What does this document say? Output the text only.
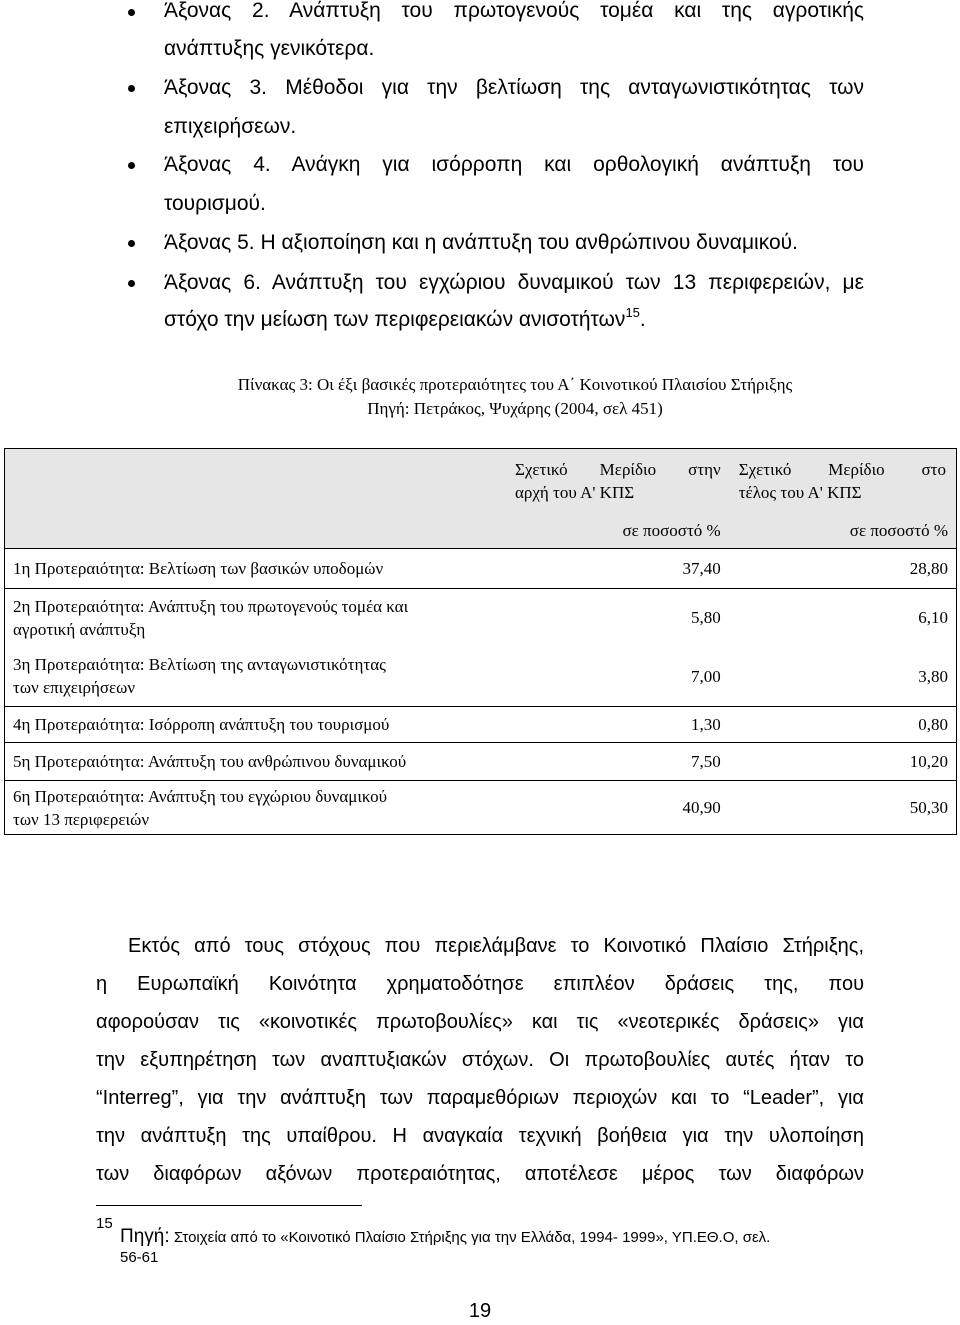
Άξονας 2. Ανάπτυξη του πρωτογενούς τομέα και της αγροτικής
ανάπτυξης γενικότερα.
Άξονας 3. Μέθοδοι για την βελτίωση της ανταγωνιστικότητας των
επιχειρήσεων.
Άξονας 4. Ανάγκη για ισόρροπη και ορθολογική ανάπτυξη του
τουρισμού.
Άξονας 5. Η αξιοποίηση και η ανάπτυξη του ανθρώπινου δυναμικού.
Άξονας 6. Ανάπτυξη του εγχώριου δυναμικού των 13 περιφερειών, με
στόχο την μείωση των περιφερειακών ανισοτήτων$^{15}$.
Πίνακας 3: Οι έξι βασικές προτεραιότητες του Α΄ Κοινοτικού Πλαισίου Στήριξης
Πηγή: Πετράκος, Ψυχάρης (2004, σελ 451)

	Σχετικό Μερίδιο στην
αρχή του Α' ΚΠΣ	Σχετικό Μερίδιο στο
τέλος του Α' ΚΠΣ

	σε ποσοστό %	σε ποσοστό %
1η Προτεραιότητα: Βελτίωση των βασικών υποδομών	37,40	28,80

2η Προτεραιότητα: Ανάπτυξη του πρωτογενούς τομέα και
αγροτική ανάπτυξη	5,80	6,10

3η Προτεραιότητα: Βελτίωση της ανταγωνιστικότητας
των επιχειρήσεων	7,00	3,80
4η Προτεραιότητα: Ισόρροπη ανάπτυξη του τουρισμού	1,30	0,80
5η Προτεραιότητα: Ανάπτυξη του ανθρώπινου δυναμικού	7,50	10,20

6η Προτεραιότητα: Ανάπτυξη του εγχώριου δυναμικού
των 13 περιφερειών	40,90	50,30
Εκτός από τους στόχους που περιελάμβανε το Κοινοτικό Πλαίσιο Στήριξης,
η Ευρωπαϊκή Κοινότητα χρηματοδότησε επιπλέον δράσεις της, που
αφορούσαν τις «κοινοτικές πρωτοβουλίες» και τις «νεοτερικές δράσεις» για
την εξυπηρέτηση των αναπτυξιακών στόχων. Οι πρωτοβουλίες αυτές ήταν το
“Interreg”, για την ανάπτυξη των παραμεθόριων περιοχών και το “Leader”, για
την ανάπτυξη της υπαίθρου. Η αναγκαία τεχνική βοήθεια για την υλοποίηση
των διαφόρων αξόνων προτεραιότητας, αποτέλεσε μέρος των διαφόρων
15
Πηγή: Στοιχεία από το «Κοινοτικό Πλαίσιο Στήριξης για την Ελλάδα, 1994- 1999», ΥΠ.ΕΘ.Ο, σελ.
56-61
19
